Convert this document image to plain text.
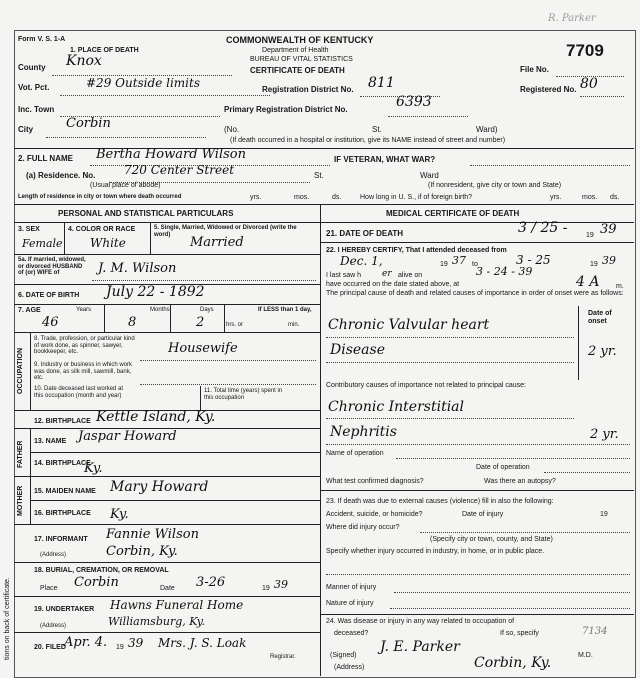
tions on back of certificate.
Form V. S. 1-A
1. PLACE OF DEATH
COMMONWEALTH OF KENTUCKY
Department of Health
BUREAU OF VITAL STATISTICS
CERTIFICATE OF DEATH
R. Parker
File No.
7709
Registered No. 80
County Knox
Vot. Pct.	#29 Outside limits	Registration District No. 811
Inc. Town	Primary Registration District No.	6393
City	Corbin	(No.	St.	Ward)
(If death occurred in a hospital or institution, give its NAME instead of street and number)
2. FULL NAME Bertha Howard Wilson	IF VETERAN, WHAT WAR?
(a) Residence. No. 720 Center Street	St.	Ward
(Usual place of abode)	(If nonresident, give city or town and State)
Length of residence in city or town where death occurred	yrs.	mos.	ds.	How long in U. S., if of foreign birth?	yrs.	mos. ds.
PERSONAL AND STATISTICAL PARTICULARS
3. SEX
Female
4. COLOR OR RACE
White
5. Single, Married, Widowed or Divorced (write the word)
Married
5a. If married, widowed, or divorced HUSBAND of (or) WIFE of	J. M. Wilson
6. DATE OF BIRTH July 22 - 1892
7. AGE	Years	Months	Days	If LESS than 1 day,
46	8	2	hrs. or	min.
OCCUPATION
8. Trade, profession, or particular kind of work done, as spinner, sawyer, bookkeeper, etc.	Housewife
9. Industry or business in which work was done, as silk mill, sawmill, bank, etc.
10. Date deceased last worked at this occupation (month and year)
11. Total time (years) spent in this occupation
12. BIRTHPLACE Kettle Island, Ky.
FATHER 13. NAME Jaspar Howard
14. BIRTHPLACE
Ky.
MOTHER 15. MAIDEN NAME Mary Howard
16. BIRTHPLACE Ky.
17. INFORMANT Fannie Wilson
(Address)	Corbin, Ky.
18. BURIAL, CREMATION, OR REMOVAL
Place Corbin	Date 3-26	19 39
19. UNDERTAKER Hawns Funeral Home
(Address)	Williamsburg, Ky.
20. FILED
Apr. 4. 19 39 Mrs. J. S. Loak
Registrar.
MEDICAL CERTIFICATE OF DEATH
21. DATE OF DEATH	3 / 25 -	19 39
22. I HEREBY CERTIFY, That I attended deceased from
Dec. 1,	19 37 to	3 - 25	19 39
I last saw h er alive on	3 - 24 - 39
have occurred on the date stated above, at	4 A m.
The principal cause of death and related causes of importance in order of onset were as follows:
Date of onset
Chronic Valvular heart
Disease	2 yr.
Contributory causes of importance not related to principal cause:
Chronic Interstitial
Nephritis	2 yr.
Name of operation
Date of operation
What test confirmed diagnosis?	Was there an autopsy?
23. If death was due to external causes (violence) fill in also the following:
Accident, suicide, or homicide?	Date of injury	19
Where did injury occur?
(Specify city or town, county, and State)
Specify whether injury occurred in industry, in home, or in public place.
Manner of injury
Nature of injury
24. Was disease or injury in any way related to occupation of
deceased?	If so, specify	7134
(Signed)
J. E. Parker
M.D.
(Address)	Corbin, Ky.
